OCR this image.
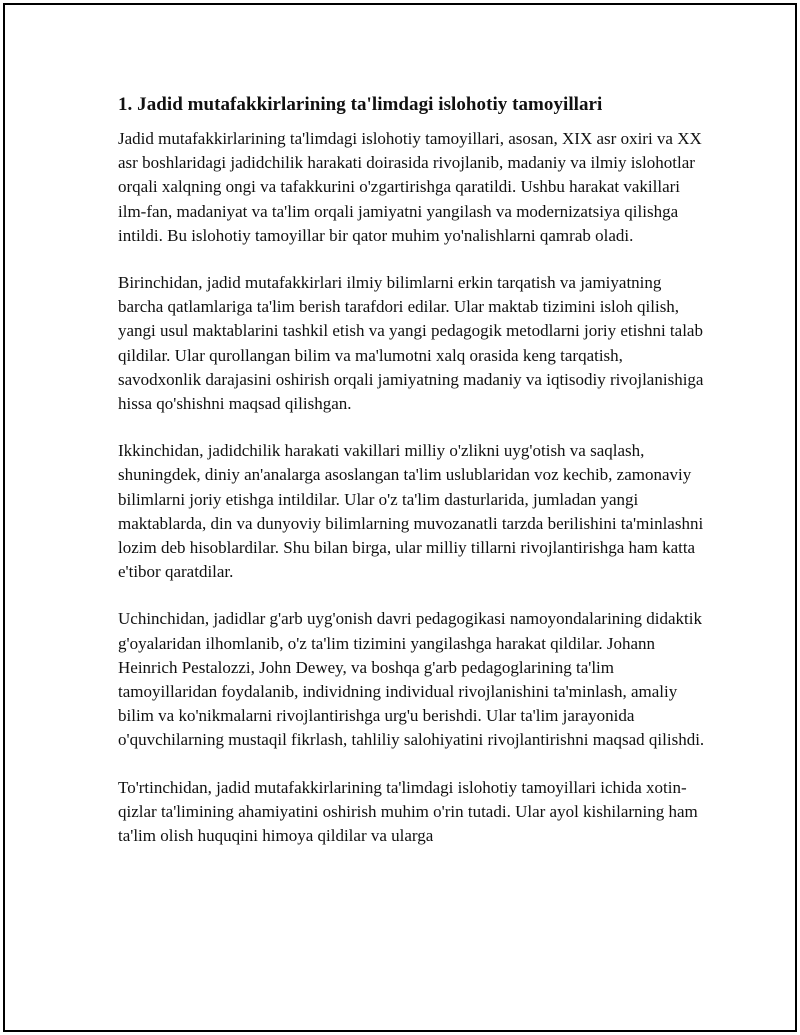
1. Jadid mutafakkirlarining ta'limdagi islohotiy tamoyillari

Jadid mutafakkirlarining ta'limdagi islohotiy tamoyillari, asosan, XIX asr oxiri va XX asr boshlaridagi jadidchilik harakati doirasida rivojlanib, madaniy va ilmiy islohotlar orqali xalqning ongi va tafakkurini o'zgartirishga qaratildi. Ushbu harakat vakillari ilm-fan, madaniyat va ta'lim orqali jamiyatni yangilash va modernizatsiya qilishga intildi. Bu islohotiy tamoyillar bir qator muhim yo'nalishlarni qamrab oladi.

Birinchidan, jadid mutafakkirlari ilmiy bilimlarni erkin tarqatish va jamiyatning barcha qatlamlariga ta'lim berish tarafdori edilar. Ular maktab tizimini isloh qilish, yangi usul maktablarini tashkil etish va yangi pedagogik metodlarni joriy etishni talab qildilar. Ular qurollangan bilim va ma'lumotni xalq orasida keng tarqatish, savodxonlik darajasini oshirish orqali jamiyatning madaniy va iqtisodiy rivojlanishiga hissa qo'shishni maqsad qilishgan.

Ikkinchidan, jadidchilik harakati vakillari milliy o'zlikni uyg'otish va saqlash, shuningdek, diniy an'analarga asoslangan ta'lim uslublaridan voz kechib, zamonaviy bilimlarni joriy etishga intildilar. Ular o'z ta'lim dasturlarida, jumladan yangi maktablarda, din va dunyoviy bilimlarning muvozanatli tarzda berilishini ta'minlashni lozim deb hisoblardilar. Shu bilan birga, ular milliy tillarni rivojlantirishga ham katta e'tibor qaratdilar.

Uchinchidan, jadidlar g'arb uyg'onish davri pedagogikasi namoyondalarining didaktik g'oyalaridan ilhomlanib, o'z ta'lim tizimini yangilashga harakat qildilar. Johann Heinrich Pestalozzi, John Dewey, va boshqa g'arb pedagoglarining ta'lim tamoyillaridan foydalanib, individning individual rivojlanishini ta'minlash, amaliy bilim va ko'nikmalarni rivojlantirishga urg'u berishdi. Ular ta'lim jarayonida o'quvchilarning mustaqil fikrlash, tahliliy salohiyatini rivojlantirishni maqsad qilishdi.

To'rtinchidan, jadid mutafakkirlarining ta'limdagi islohotiy tamoyillari ichida xotin-qizlar ta'limining ahamiyatini oshirish muhim o'rin tutadi. Ular ayol kishilarning ham ta'lim olish huquqini himoya qildilar va ularga
